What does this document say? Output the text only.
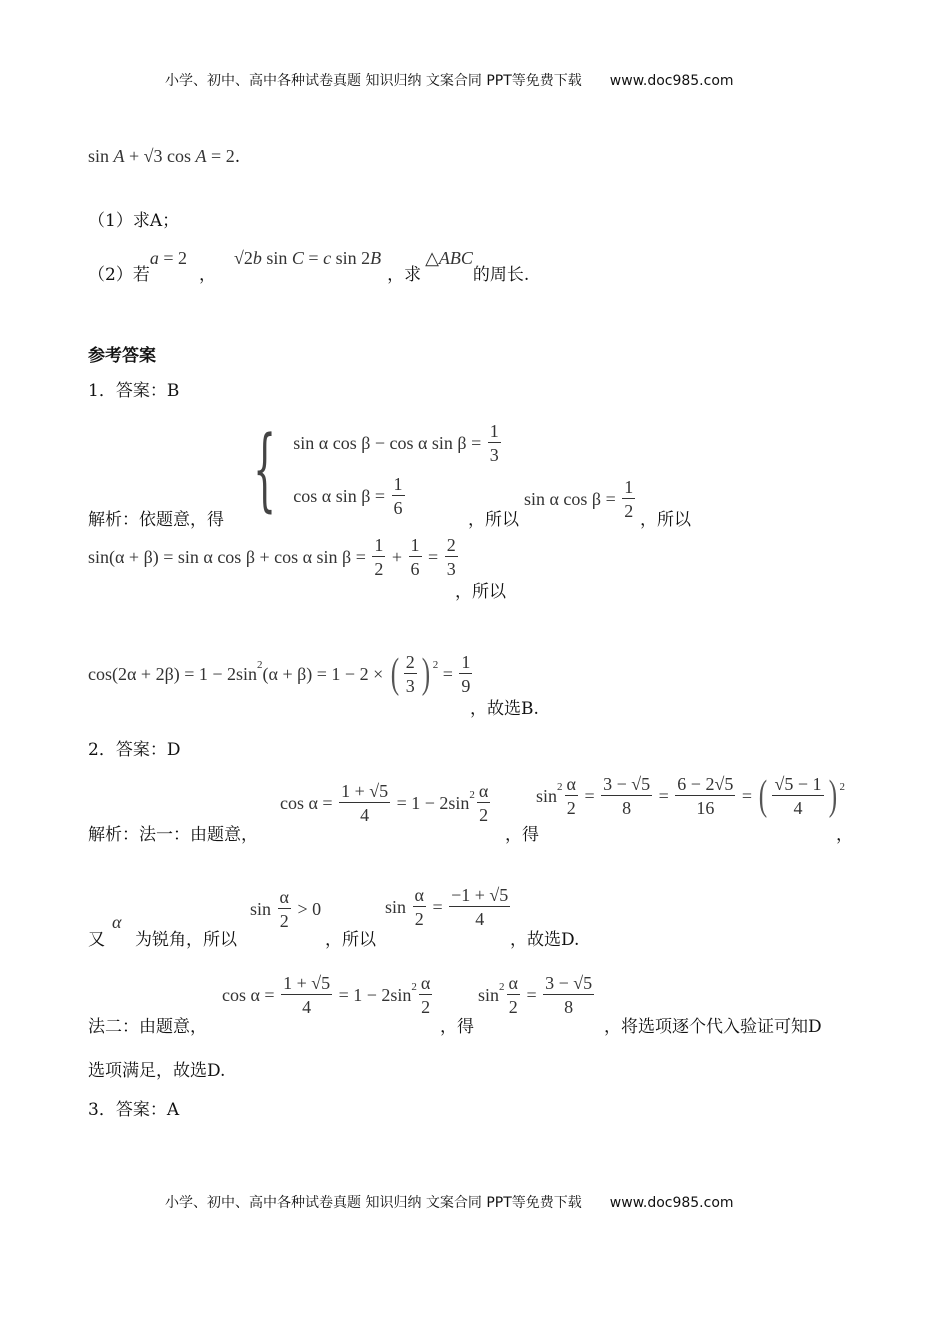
小学、初中、高中各种试卷真题 知识归纳 文案合同 PPT等免费下载 www.doc985.com
sin A + √3 cos A = 2 .
（1）求A；
（2）若
a = 2
，
√2 b sin C = c sin 2 B
，求
△ ABC
的周长.
参考答案
1．答案：B
解析：依题意，得 { sin α cos β − cos α $\sin \beta = \frac{1}{3}$
cos α $\sin \beta = \frac{1}{6}$	，所以
sin α $\cos \beta = \frac{1}{2}$ ，所以
sin(α + β) = sin α cos β + cos α $\sin \beta = \frac{1}{2} + \frac{1}{6} = \frac{2}{3}$
，所以
cos(2α + 2β) = 1 − 2sin 2 (α + β) = 1 − 2 × ( $\frac{2}{3}$ ) $2 = \frac{1}{9}$
，故选B.
2．答案：D
解析：法一：由题意，
$\cos \alpha = \frac{1 + √5}{4} = 1 - 2\sin$ $2 \frac{\alpha}{2}$
，得
$\sin 2 \frac{\alpha}{2} = \frac{3 - √5}{8} = \frac{6 - 2√5}{16}$ = ( $\frac{√5 - 1}{4}$ ) 2
，
又
α
为锐角，所以
$\sin \frac{\alpha}{2} > 0$
，所以
$\sin \frac{\alpha}{2} = \frac{-1 + √5}{4}$
，故选D.
法二：由题意，
$\cos \alpha = \frac{1 + √5}{4} = 1 - 2\sin$ $2 \frac{\alpha}{2}$
，得
$\sin 2 \frac{\alpha}{2} = \frac{3 - √5}{8}$
，将选项逐个代入验证可知D
选项满足，故选D.
3．答案：A
小学、初中、高中各种试卷真题 知识归纳 文案合同 PPT等免费下载 www.doc985.com
